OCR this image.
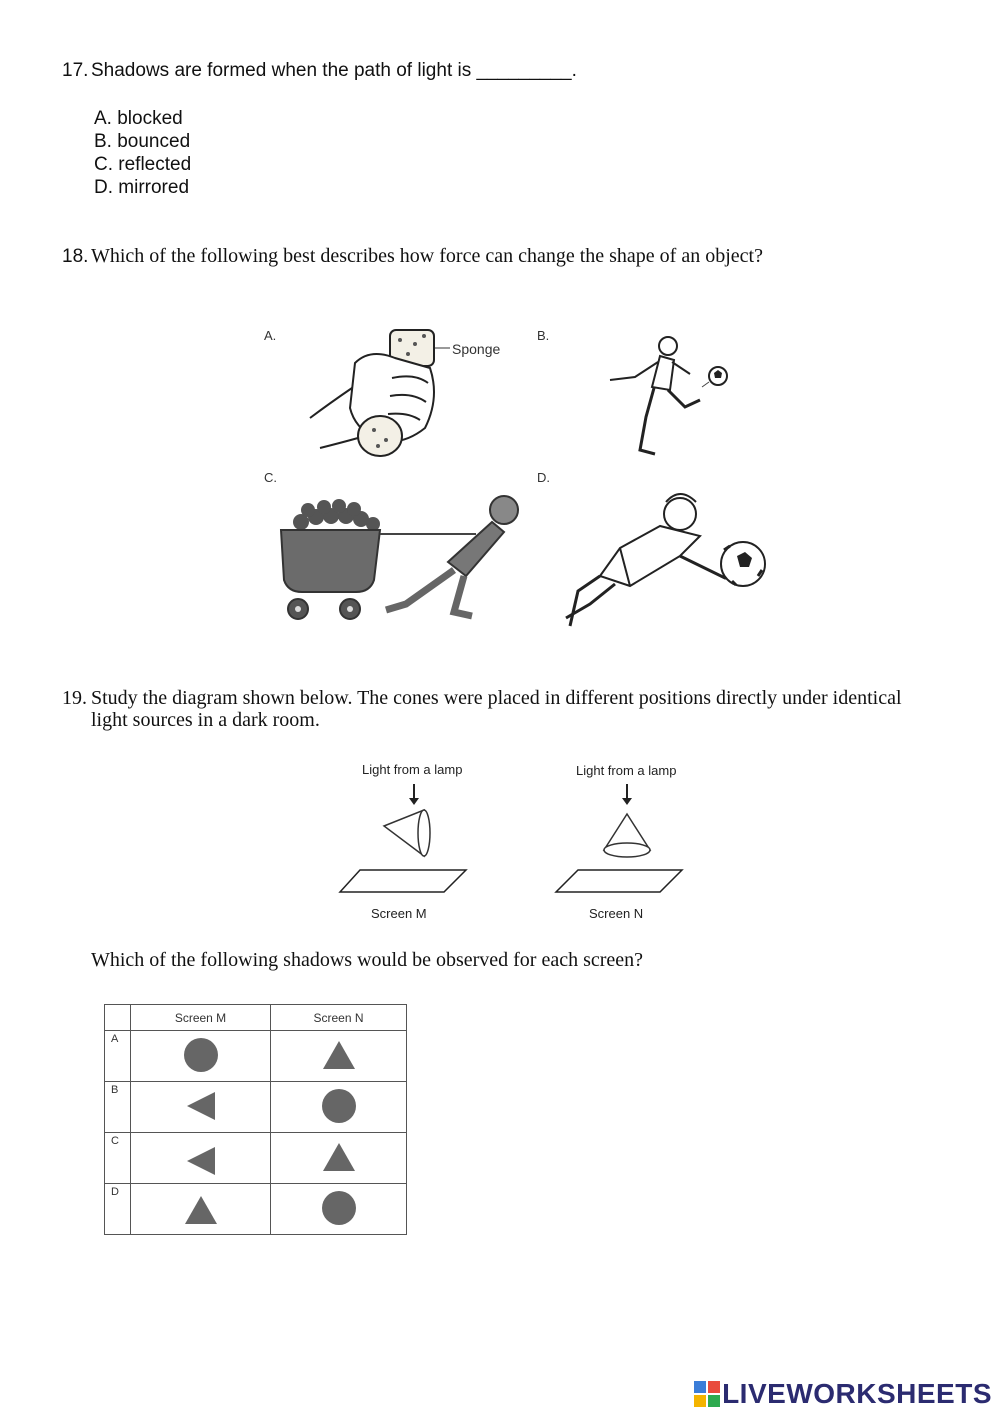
17. Shadows are formed when the path of light is _________.
A. blocked
B. bounced
C. reflected
D. mirrored
18. Which of the following best describes how force can change the shape of an object?
A.	B.
C.	D.
Sponge
19. Study the diagram shown below. The cones were placed in different positions directly under identical
light sources in a dark room.
Light from a lamp	Light from a lamp
Screen M	Screen N
Which of the following shadows would be observed for each screen?
	Screen M	Screen N
A	

B	

C	

D	

LIVEWORKSHEETS
